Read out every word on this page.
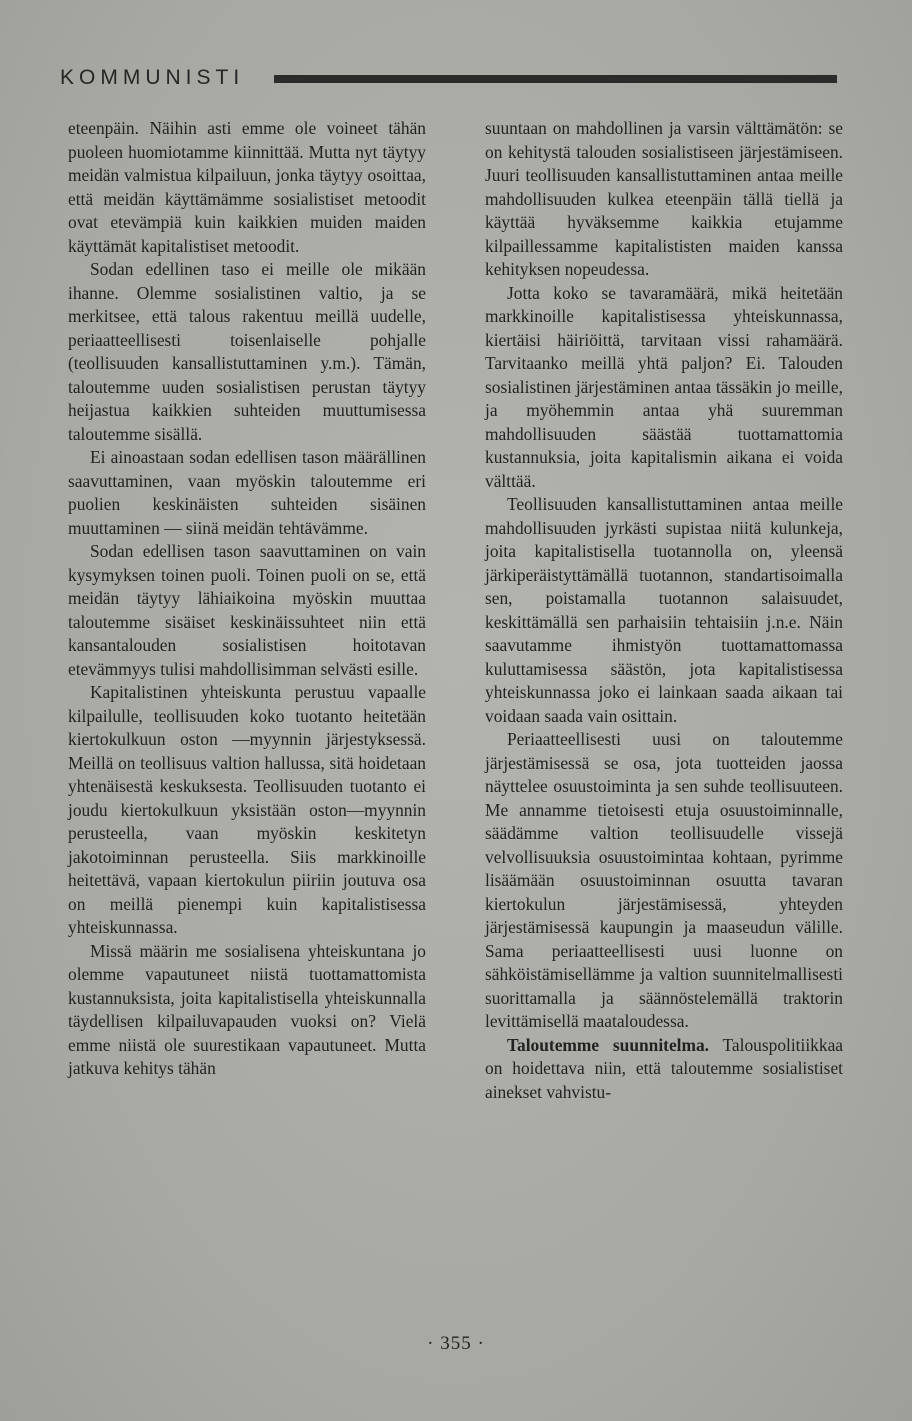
KOMMUNISTI

eteenpäin. Näihin asti emme ole voineet tähän puoleen huomiotamme kiinnittää. Mutta nyt täytyy meidän valmistua kilpailuun, jonka täytyy osoittaa, että meidän käyttämämme sosialistiset metoodit ovat etevämpiä kuin kaikkien muiden maiden käyttämät kapitalistiset metoodit.

Sodan edellinen taso ei meille ole mikään ihanne. Olemme sosialistinen valtio, ja se merkitsee, että talous rakentuu meillä uudelle, periaatteellisesti toisenlaiselle pohjalle (teollisuuden kansallistuttaminen y.m.). Tämän, taloutemme uuden sosialistisen perustan täytyy heijastua kaikkien suhteiden muuttumisessa taloutemme sisällä.

Ei ainoastaan sodan edellisen tason määrällinen saavuttaminen, vaan myöskin taloutemme eri puolien keskinäisten suhteiden sisäinen muuttaminen — siinä meidän tehtävämme.

Sodan edellisen tason saavuttaminen on vain kysymyksen toinen puoli. Toinen puoli on se, että meidän täytyy lähiaikoina myöskin muuttaa taloutemme sisäiset keskinäissuhteet niin että kansantalouden sosialistisen hoitotavan etevämmyys tulisi mahdollisimman selvästi esille.

Kapitalistinen yhteiskunta perustuu vapaalle kilpailulle, teollisuuden koko tuotanto heitetään kiertokulkuun oston —myynnin järjestyksessä. Meillä on teollisuus valtion hallussa, sitä hoidetaan yhtenäisestä keskuksesta. Teollisuuden tuotanto ei joudu kiertokulkuun yksistään oston—myynnin perusteella, vaan myöskin keskitetyn jakotoiminnan perusteella. Siis markkinoille heitettävä, vapaan kiertokulun piiriin joutuva osa on meillä pienempi kuin kapitalistisessa yhteiskunnassa.

Missä määrin me sosialisena yhteiskuntana jo olemme vapautuneet niistä tuottamattomista kustannuksista, joita kapitalistisella yhteiskunnalla täydellisen kilpailuvapauden vuoksi on? Vielä emme niistä ole suurestikaan vapautuneet. Mutta jatkuva kehitys tähän

suuntaan on mahdollinen ja varsin välttämätön: se on kehitystä talouden sosialistiseen järjestämiseen. Juuri teollisuuden kansallistuttaminen antaa meille mahdollisuuden kulkea eteenpäin tällä tiellä ja käyttää hyväksemme kaikkia etujamme kilpaillessamme kapitalististen maiden kanssa kehityksen nopeudessa.

Jotta koko se tavaramäärä, mikä heitetään markkinoille kapitalistisessa yhteiskunnassa, kiertäisi häiriöittä, tarvitaan vissi rahamäärä. Tarvitaanko meillä yhtä paljon? Ei. Talouden sosialistinen järjestäminen antaa tässäkin jo meille, ja myöhemmin antaa yhä suuremman mahdollisuuden säästää tuottamattomia kustannuksia, joita kapitalismin aikana ei voida välttää.

Teollisuuden kansallistuttaminen antaa meille mahdollisuuden jyrkästi supistaa niitä kulunkeja, joita kapitalistisella tuotannolla on, yleensä järkiperäistyttämällä tuotannon, standartisoimalla sen, poistamalla tuotannon salaisuudet, keskittämällä sen parhaisiin tehtaisiin j.n.e. Näin saavutamme ihmistyön tuottamattomassa kuluttamisessa säästön, jota kapitalistisessa yhteiskunnassa joko ei lainkaan saada aikaan tai voidaan saada vain osittain.

Periaatteellisesti uusi on taloutemme järjestämisessä se osa, jota tuotteiden jaossa näyttelee osuustoiminta ja sen suhde teollisuuteen. Me annamme tietoisesti etuja osuustoiminnalle, säädämme valtion teollisuudelle vissejä velvollisuuksia osuustoimintaa kohtaan, pyrimme lisäämään osuustoiminnan osuutta tavaran kiertokulun järjestämisessä, yhteyden järjestämisessä kaupungin ja maaseudun välille. Sama periaatteellisesti uusi luonne on sähköistämisellämme ja valtion suunnitelmallisesti suorittamalla ja säännöstelemällä traktorin levittämisellä maataloudessa.

Taloutemme suunnitelma. Talouspolitiikkaa on hoidettava niin, että taloutemme sosialistiset ainekset vahvistu-

· 355 ·
